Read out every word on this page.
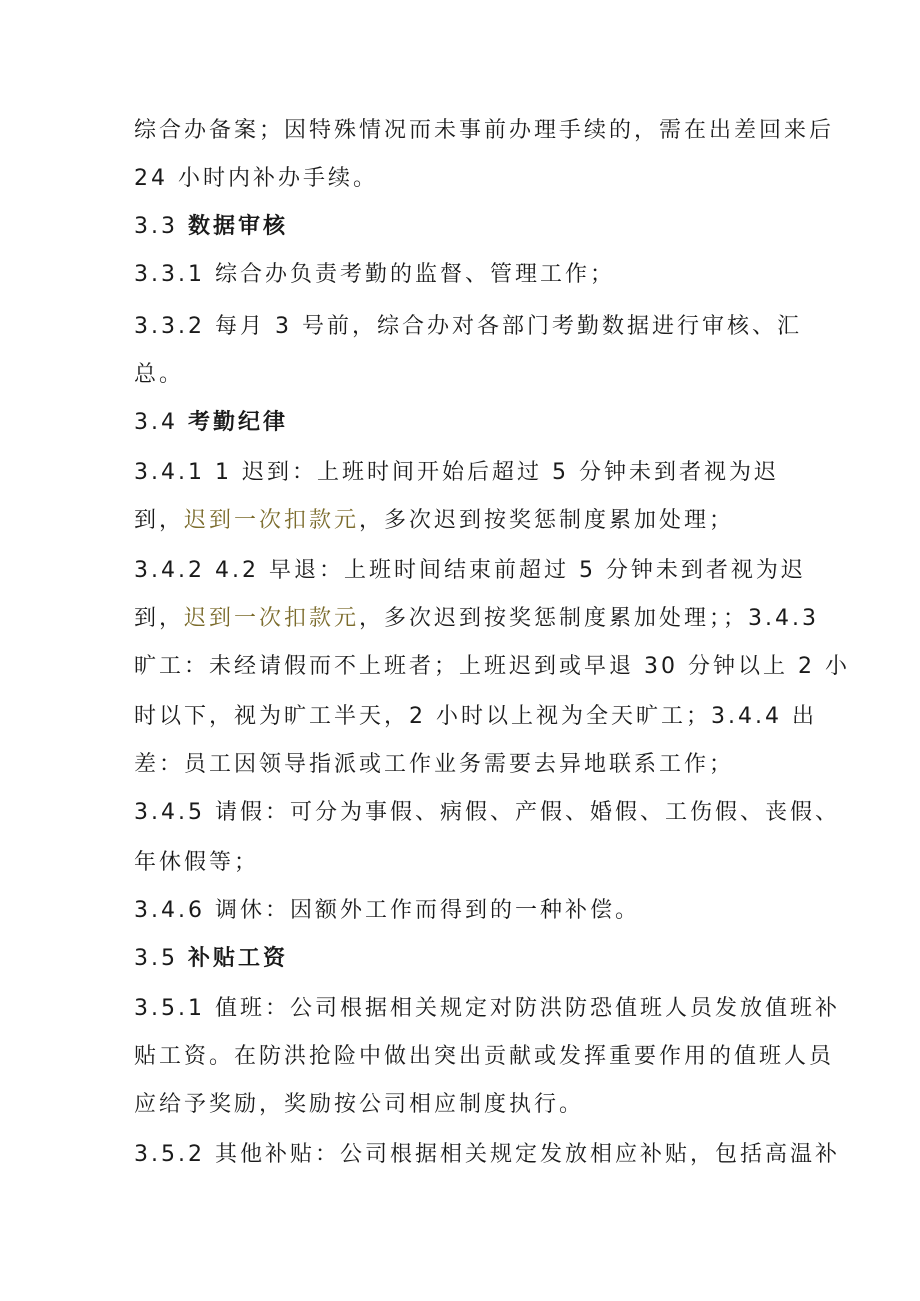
综合办备案；因特殊情况而未事前办理手续的，需在出差回来后
24 小时内补办手续。
3.3 数据审核
3.3.1 综合办负责考勤的监督、管理工作；
3.3.2 每月 3 号前，综合办对各部门考勤数据进行审核、汇
总。
3.4 考勤纪律
3.4.1 1 迟到：上班时间开始后超过 5 分钟未到者视为迟
到，迟到一次扣款元，多次迟到按奖惩制度累加处理；
3.4.2 4.2 早退：上班时间结束前超过 5 分钟未到者视为迟
到，迟到一次扣款元，多次迟到按奖惩制度累加处理；；3.4.3
旷工：未经请假而不上班者；上班迟到或早退 30 分钟以上 2 小
时以下，视为旷工半天，2 小时以上视为全天旷工；3.4.4 出
差：员工因领导指派或工作业务需要去异地联系工作；
3.4.5 请假：可分为事假、病假、产假、婚假、工伤假、丧假、
年休假等；
3.4.6 调休：因额外工作而得到的一种补偿。
3.5 补贴工资
3.5.1 值班：公司根据相关规定对防洪防恐值班人员发放值班补
贴工资。在防洪抢险中做出突出贡献或发挥重要作用的值班人员
应给予奖励，奖励按公司相应制度执行。
3.5.2 其他补贴：公司根据相关规定发放相应补贴，包括高温补
